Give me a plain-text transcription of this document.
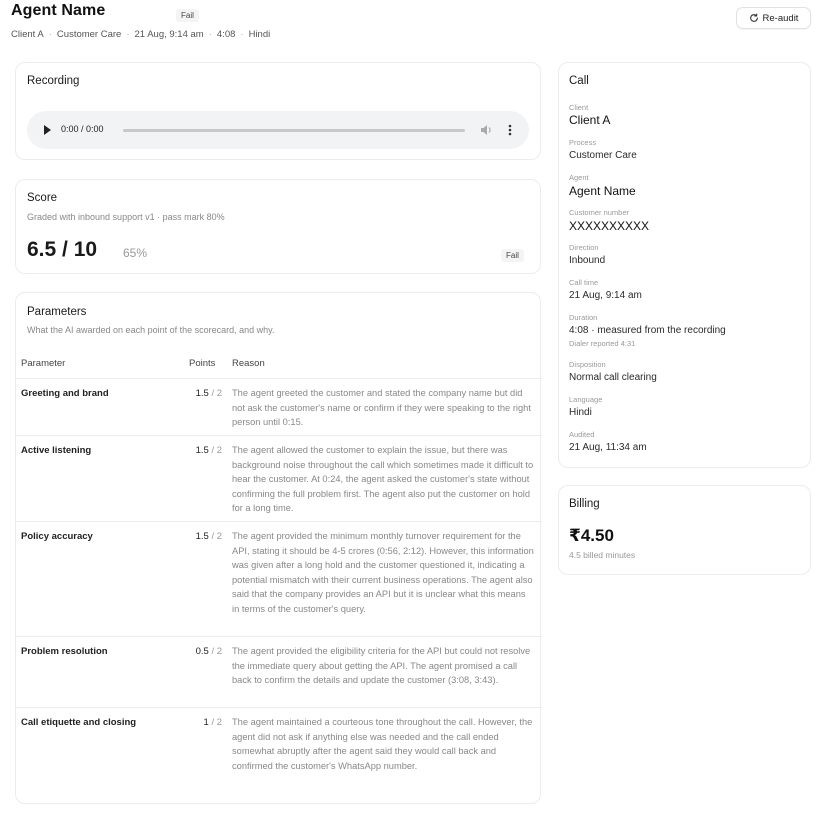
Agent Name	Fail
Client A · Customer Care · 21 Aug, 9:14 am · 4:08 · Hindi
Re-audit
Recording
0:00 / 0:00
Score
Graded with inbound support v1 · pass mark 80%
6.5 / 10 65%	Fail
Parameters
What the AI awarded on each point of the scorecard, and why.
Parameter	Points Reason
Greeting and brand	1.5 / 2 The agent greeted the customer and stated the company name but did not ask the customer's name or confirm if they were speaking to the right person until 0:15.
Active listening	1.5 / 2 The agent allowed the customer to explain the issue, but there was background noise throughout the call which sometimes made it difficult to hear the customer. At 0:24, the agent asked the customer's state without confirming the full problem first. The agent also put the customer on hold for a long time.
Policy accuracy	1.5 / 2 The agent provided the minimum monthly turnover requirement for the API, stating it should be 4-5 crores (0:56, 2:12). However, this information was given after a long hold and the customer questioned it, indicating a potential mismatch with their current business operations. The agent also said that the company provides an API but it is unclear what this means in terms of the customer's query.
Problem resolution	0.5 / 2 The agent provided the eligibility criteria for the API but could not resolve the immediate query about getting the API. The agent promised a call back to confirm the details and update the customer (3:08, 3:43).
Call etiquette and closing	1 / 2 The agent maintained a courteous tone throughout the call. However, the agent did not ask if anything else was needed and the call ended somewhat abruptly after the agent said they would call back and confirmed the customer's WhatsApp number.
Call
Client
Client A
Process
Customer Care
Agent
Agent Name
Customer number
XXXXXXXXXX
Direction
Inbound
Call time
21 Aug, 9:14 am
Duration
4:08 · measured from the recording
Dialer reported 4:31
Disposition
Normal call clearing
Language
Hindi
Audited
21 Aug, 11:34 am
Billing
₹4.50
4.5 billed minutes
